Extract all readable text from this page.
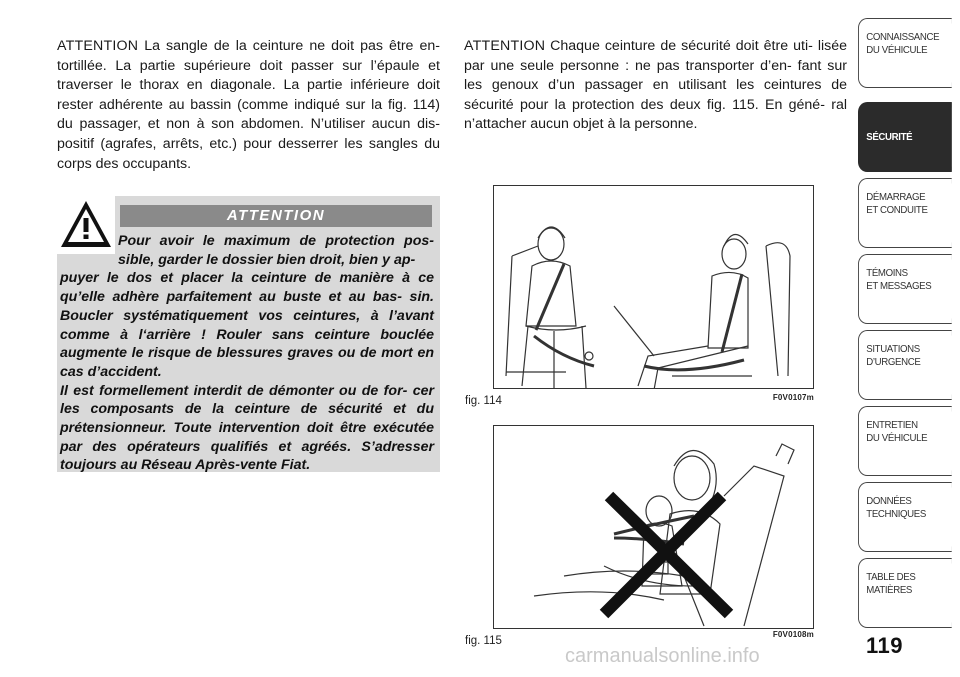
ATTENTION La sangle de la ceinture ne doit pas être en- tortillée. La partie supérieure doit passer sur l’épaule et traverser le thorax en diagonale. La partie inférieure doit rester adhérente au bassin (comme indiqué sur la fig. 114) du passager, et non à son abdomen. N’utiliser aucun dis- positif (agrafes, arrêts, etc.) pour desserrer les sangles du corps des occupants.
ATTENTION Chaque ceinture de sécurité doit être uti- lisée par une seule personne : ne pas transporter d’en- fant sur les genoux d’un passager en utilisant les ceintures de sécurité pour la protection des deux fig. 115. En géné- ral n’attacher aucun objet à la personne.
ATTENTION
Pour avoir le maximum de protection pos- sible, garder le dossier bien droit, bien y ap-

puyer le dos et placer la ceinture de manière à ce qu’elle adhère parfaitement au buste et au bas- sin. Boucler systématiquement vos ceintures, à l’avant comme à l‘arrière ! Rouler sans ceinture bouclée augmente le risque de blessures graves ou de mort en cas d’accident.

Il est formellement interdit de démonter ou de for- cer les composants de la ceinture de sécurité et du prétensionneur. Toute intervention doit être exécutée par des opérateurs qualifiés et agréés. S’adresser toujours au Réseau Après-vente Fiat.

fig. 114	F0V0107m
fig. 115
F0V0108m
CONNAISSANCE
DU VÉHICULE
SÉCURITÉ
DÉMARRAGE
ET CONDUITE
TÉMOINS
ET MESSAGES
SITUATIONS
D’URGENCE
ENTRETIEN
DU VÉHICULE
DONNÉES
TECHNIQUES
TABLE DES
MATIÈRES
119
carmanualsonline.info
